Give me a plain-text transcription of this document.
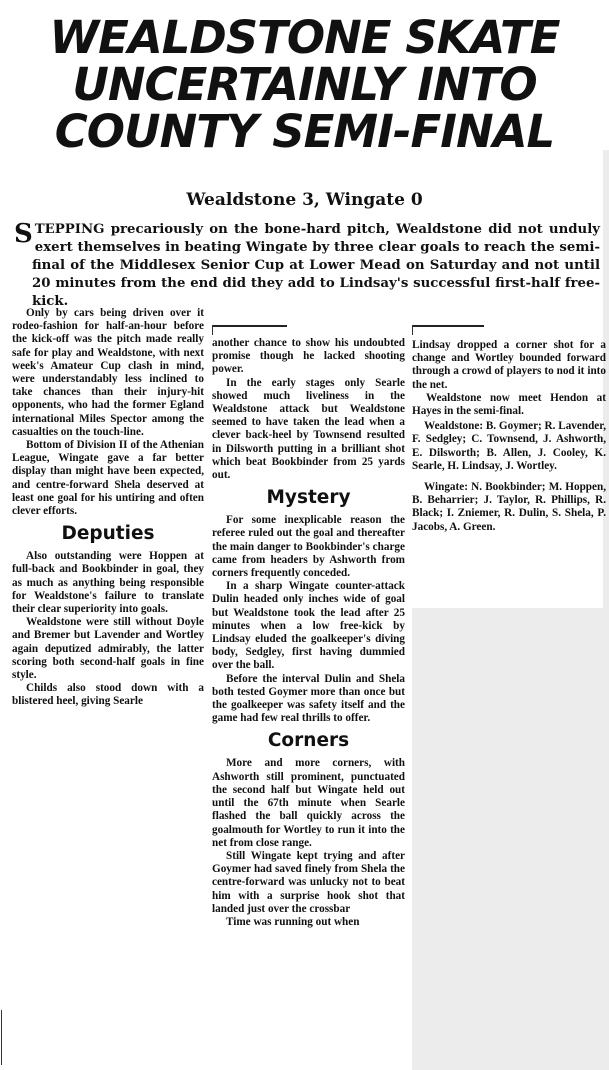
WEALDSTONE SKATE
UNCERTAINLY INTO
COUNTY SEMI-FINAL
Wealdstone 3, Wingate 0
STEPPING precariously on the bone-hard pitch, Wealdstone did not unduly exert themselves in beating Wingate by three clear goals to reach the semi-final of the Middlesex Senior Cup at Lower Mead on Saturday and not until 20 minutes from the end did they add to Lindsay's successful first-half free-kick.

Only by cars being driven over it rodeo-fashion for half-an-hour before the kick-off was the pitch made really safe for play and Wealdstone, with next week's Amateur Cup clash in mind, were understandably less inclined to take chances than their injury-hit opponents, who had the former Egland international Miles Spector among the casualties on the touch-line.

Bottom of Division II of the Athenian League, Wingate gave a far better display than might have been expected, and centre-forward Shela deserved at least one goal for his untiring and often clever efforts.

Deputies

Also outstanding were Hoppen at full-back and Bookbinder in goal, they as much as anything being responsible for Wealdstone's failure to translate their clear superiority into goals.

Wealdstone were still without Doyle and Bremer but Lavender and Wortley again deputized admirably, the latter scoring both second-half goals in fine style.

Childs also stood down with a blistered heel, giving Searle

another chance to show his undoubted promise though he lacked shooting power.

In the early stages only Searle showed much liveliness in the Wealdstone attack but Wealdstone seemed to have taken the lead when a clever back-heel by Townsend resulted in Dilsworth putting in a brilliant shot which beat Bookbinder from 25 yards out.

Mystery

For some inexplicable reason the referee ruled out the goal and thereafter the main danger to Bookbinder's charge came from headers by Ashworth from corners frequently conceded.

In a sharp Wingate counter-attack Dulin headed only inches wide of goal but Wealdstone took the lead after 25 minutes when a low free-kick by Lindsay eluded the goalkeeper's diving body, Sedgley, first having dummied over the ball.

Before the interval Dulin and Shela both tested Goymer more than once but the goalkeeper was safety itself and the game had few real thrills to offer.

Corners

More and more corners, with Ashworth still prominent, punctuated the second half but Wingate held out until the 67th minute when Searle flashed the ball quickly across the goalmouth for Wortley to run it into the net from close range.

Still Wingate kept trying and after Goymer had saved finely from Shela the centre-forward was unlucky not to beat him with a surprise hook shot that landed just over the crossbar

Time was running out when

Lindsay dropped a corner shot for a change and Wortley bounded forward through a crowd of players to nod it into the net.

Wealdstone now meet Hendon at Hayes in the semi-final.

Wealdstone: B. Goymer; R. Lavender, F. Sedgley; C. Townsend, J. Ashworth, E. Dilsworth; B. Allen, J. Cooley, K. Searle, H. Lindsay, J. Wortley.

Wingate: N. Bookbinder; M. Hoppen, B. Beharrier; J. Taylor, R. Phillips, R. Black; I. Zniemer, R. Dulin, S. Shela, P. Jacobs, A. Green.
